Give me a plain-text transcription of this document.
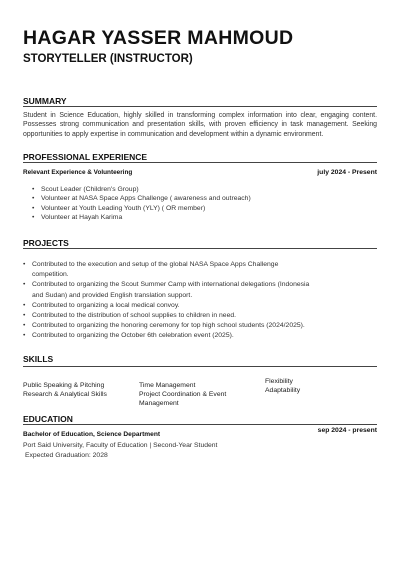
HAGAR YASSER MAHMOUD
STORYTELLER (INSTRUCTOR)
SUMMARY
Student in Science Education, highly skilled in transforming complex information into clear, engaging content. Possesses strong communication and presentation skills, with proven efficiency in task management. Seeking opportunities to apply expertise in communication and development within a dynamic environment.
PROFESSIONAL EXPERIENCE
Relevant Experience & Volunteering	july 2024 - Present
• Scout Leader (Children's Group)
• Volunteer at NASA Space Apps Challenge ( awareness and outreach)
• Volunteer at Youth Leading Youth (YLY) ( OR member)
• Volunteer at Hayah Karima
PROJECTS
• Contributed to the execution and setup of the global NASA Space Apps Challenge
competition.
• Contributed to organizing the Scout Summer Camp with international delegations (Indonesia
and Sudan) and provided English translation support.
• Contributed to organizing a local medical convoy.
• Contributed to the distribution of school supplies to children in need.
• Contributed to organizing the honoring ceremony for top high school students (2024/2025).
• Contributed to organizing the October 6th celebration event (2025).
SKILLS
Public Speaking & Pitching
Research & Analytical Skills
Time Management
Project Coordination & Event
Management
Flexibility
Adaptability
EDUCATION
sep 2024 - present
Bachelor of Education, Science Department
Port Said University, Faculty of Education | Second-Year Student
Expected Graduation: 2028
